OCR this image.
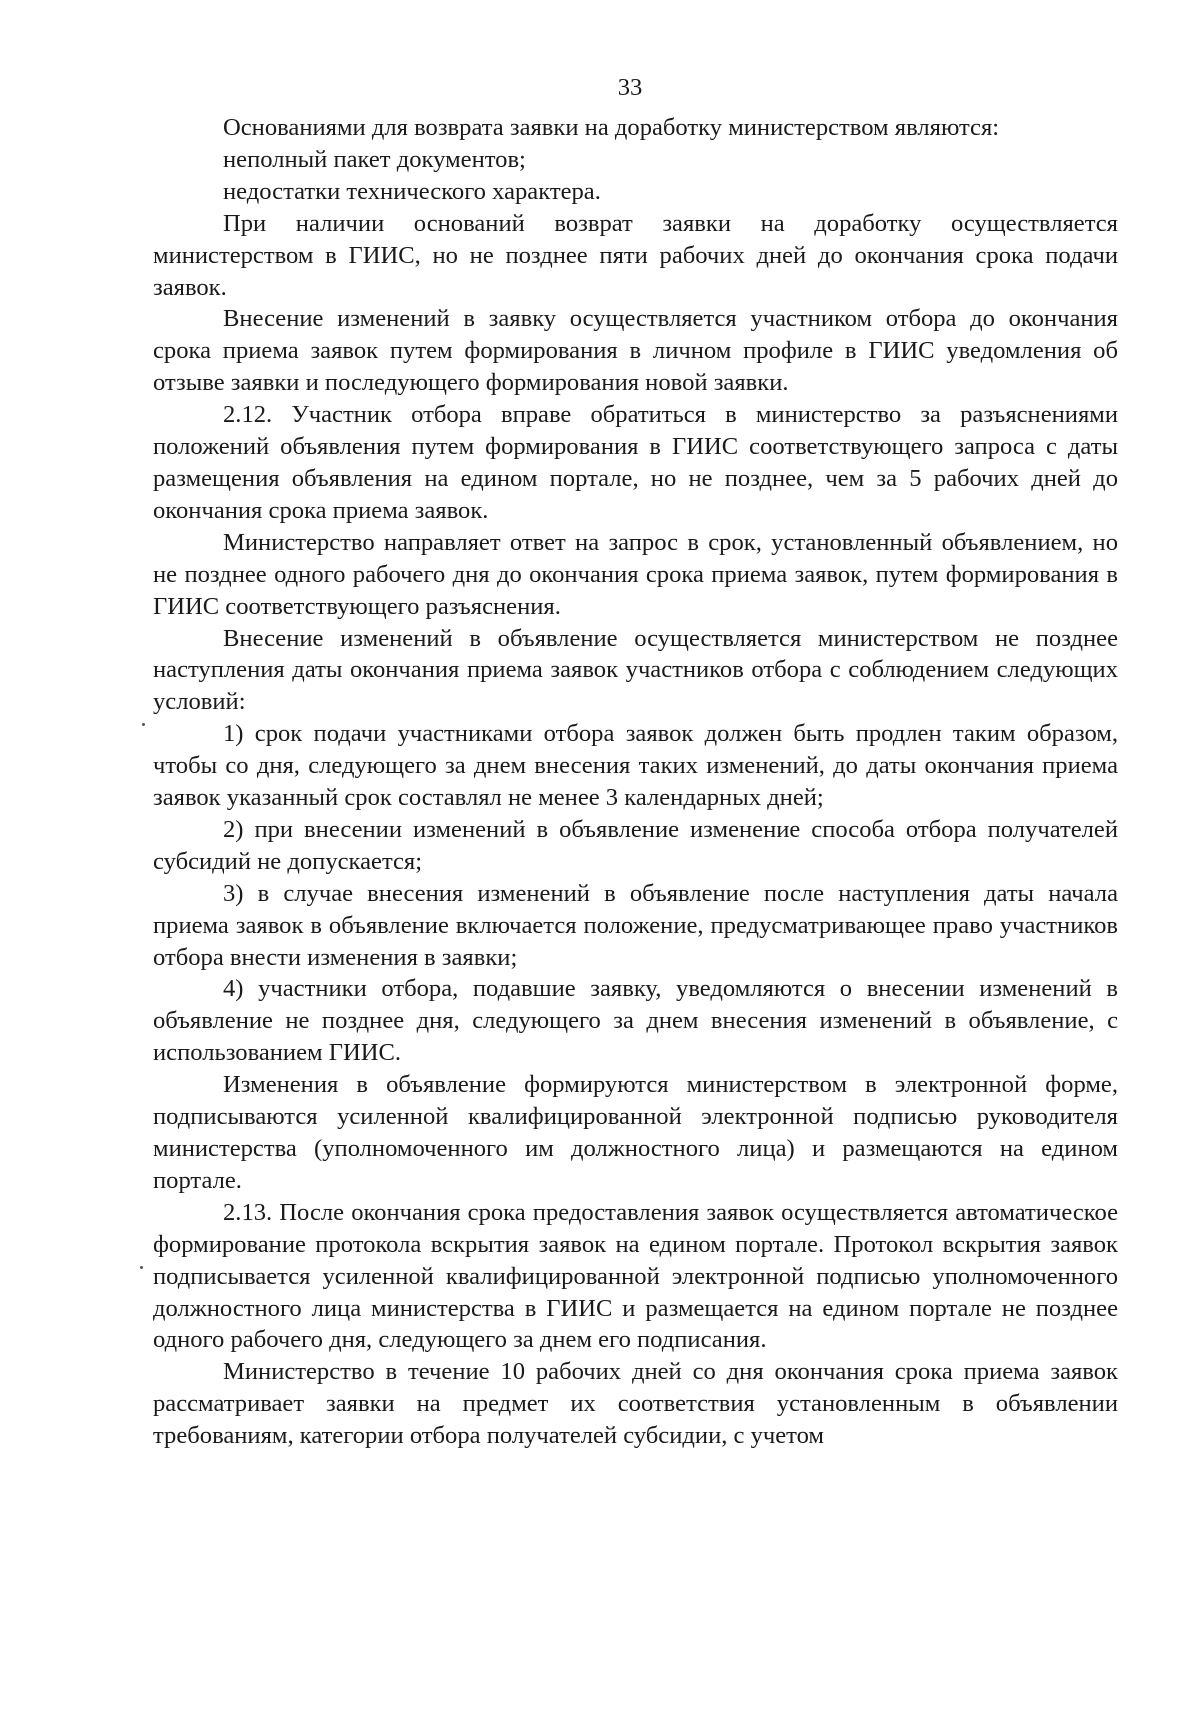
33

Основаниями для возврата заявки на доработку министерством являются:

неполный пакет документов;

недостатки технического характера.

При наличии оснований возврат заявки на доработку осуществляется министерством в ГИИС, но не позднее пяти рабочих дней до окончания срока подачи заявок.

Внесение изменений в заявку осуществляется участником отбора до окончания срока приема заявок путем формирования в личном профиле в ГИИС уведомления об отзыве заявки и последующего формирования новой заявки.

2.12. Участник отбора вправе обратиться в министерство за разъяснениями положений объявления путем формирования в ГИИС соответствующего запроса с даты размещения объявления на едином портале, но не позднее, чем за 5 рабочих дней до окончания срока приема заявок.

Министерство направляет ответ на запрос в срок, установленный объявлением, но не позднее одного рабочего дня до окончания срока приема заявок, путем формирования в ГИИС соответствующего разъяснения.

Внесение изменений в объявление осуществляется министерством не позднее наступления даты окончания приема заявок участников отбора с соблюдением следующих условий:

1) срок подачи участниками отбора заявок должен быть продлен таким образом, чтобы со дня, следующего за днем внесения таких изменений, до даты окончания приема заявок указанный срок составлял не менее 3 календарных дней;

2) при внесении изменений в объявление изменение способа отбора получателей субсидий не допускается;

3) в случае внесения изменений в объявление после наступления даты начала приема заявок в объявление включается положение, предусматривающее право участников отбора внести изменения в заявки;

4) участники отбора, подавшие заявку, уведомляются о внесении изменений в объявление не позднее дня, следующего за днем внесения изменений в объявление, с использованием ГИИС.

Изменения в объявление формируются министерством в электронной форме, подписываются усиленной квалифицированной электронной подписью руководителя министерства (уполномоченного им должностного лица) и размещаются на едином портале.

2.13. После окончания срока предоставления заявок осуществляется автоматическое формирование протокола вскрытия заявок на едином портале. Протокол вскрытия заявок подписывается усиленной квалифицированной электронной подписью уполномоченного должностного лица министерства в ГИИС и размещается на едином портале не позднее одного рабочего дня, следующего за днем его подписания.

Министерство в течение 10 рабочих дней со дня окончания срока приема заявок рассматривает заявки на предмет их соответствия установленным в объявлении требованиям, категории отбора получателей субсидии, с учетом
